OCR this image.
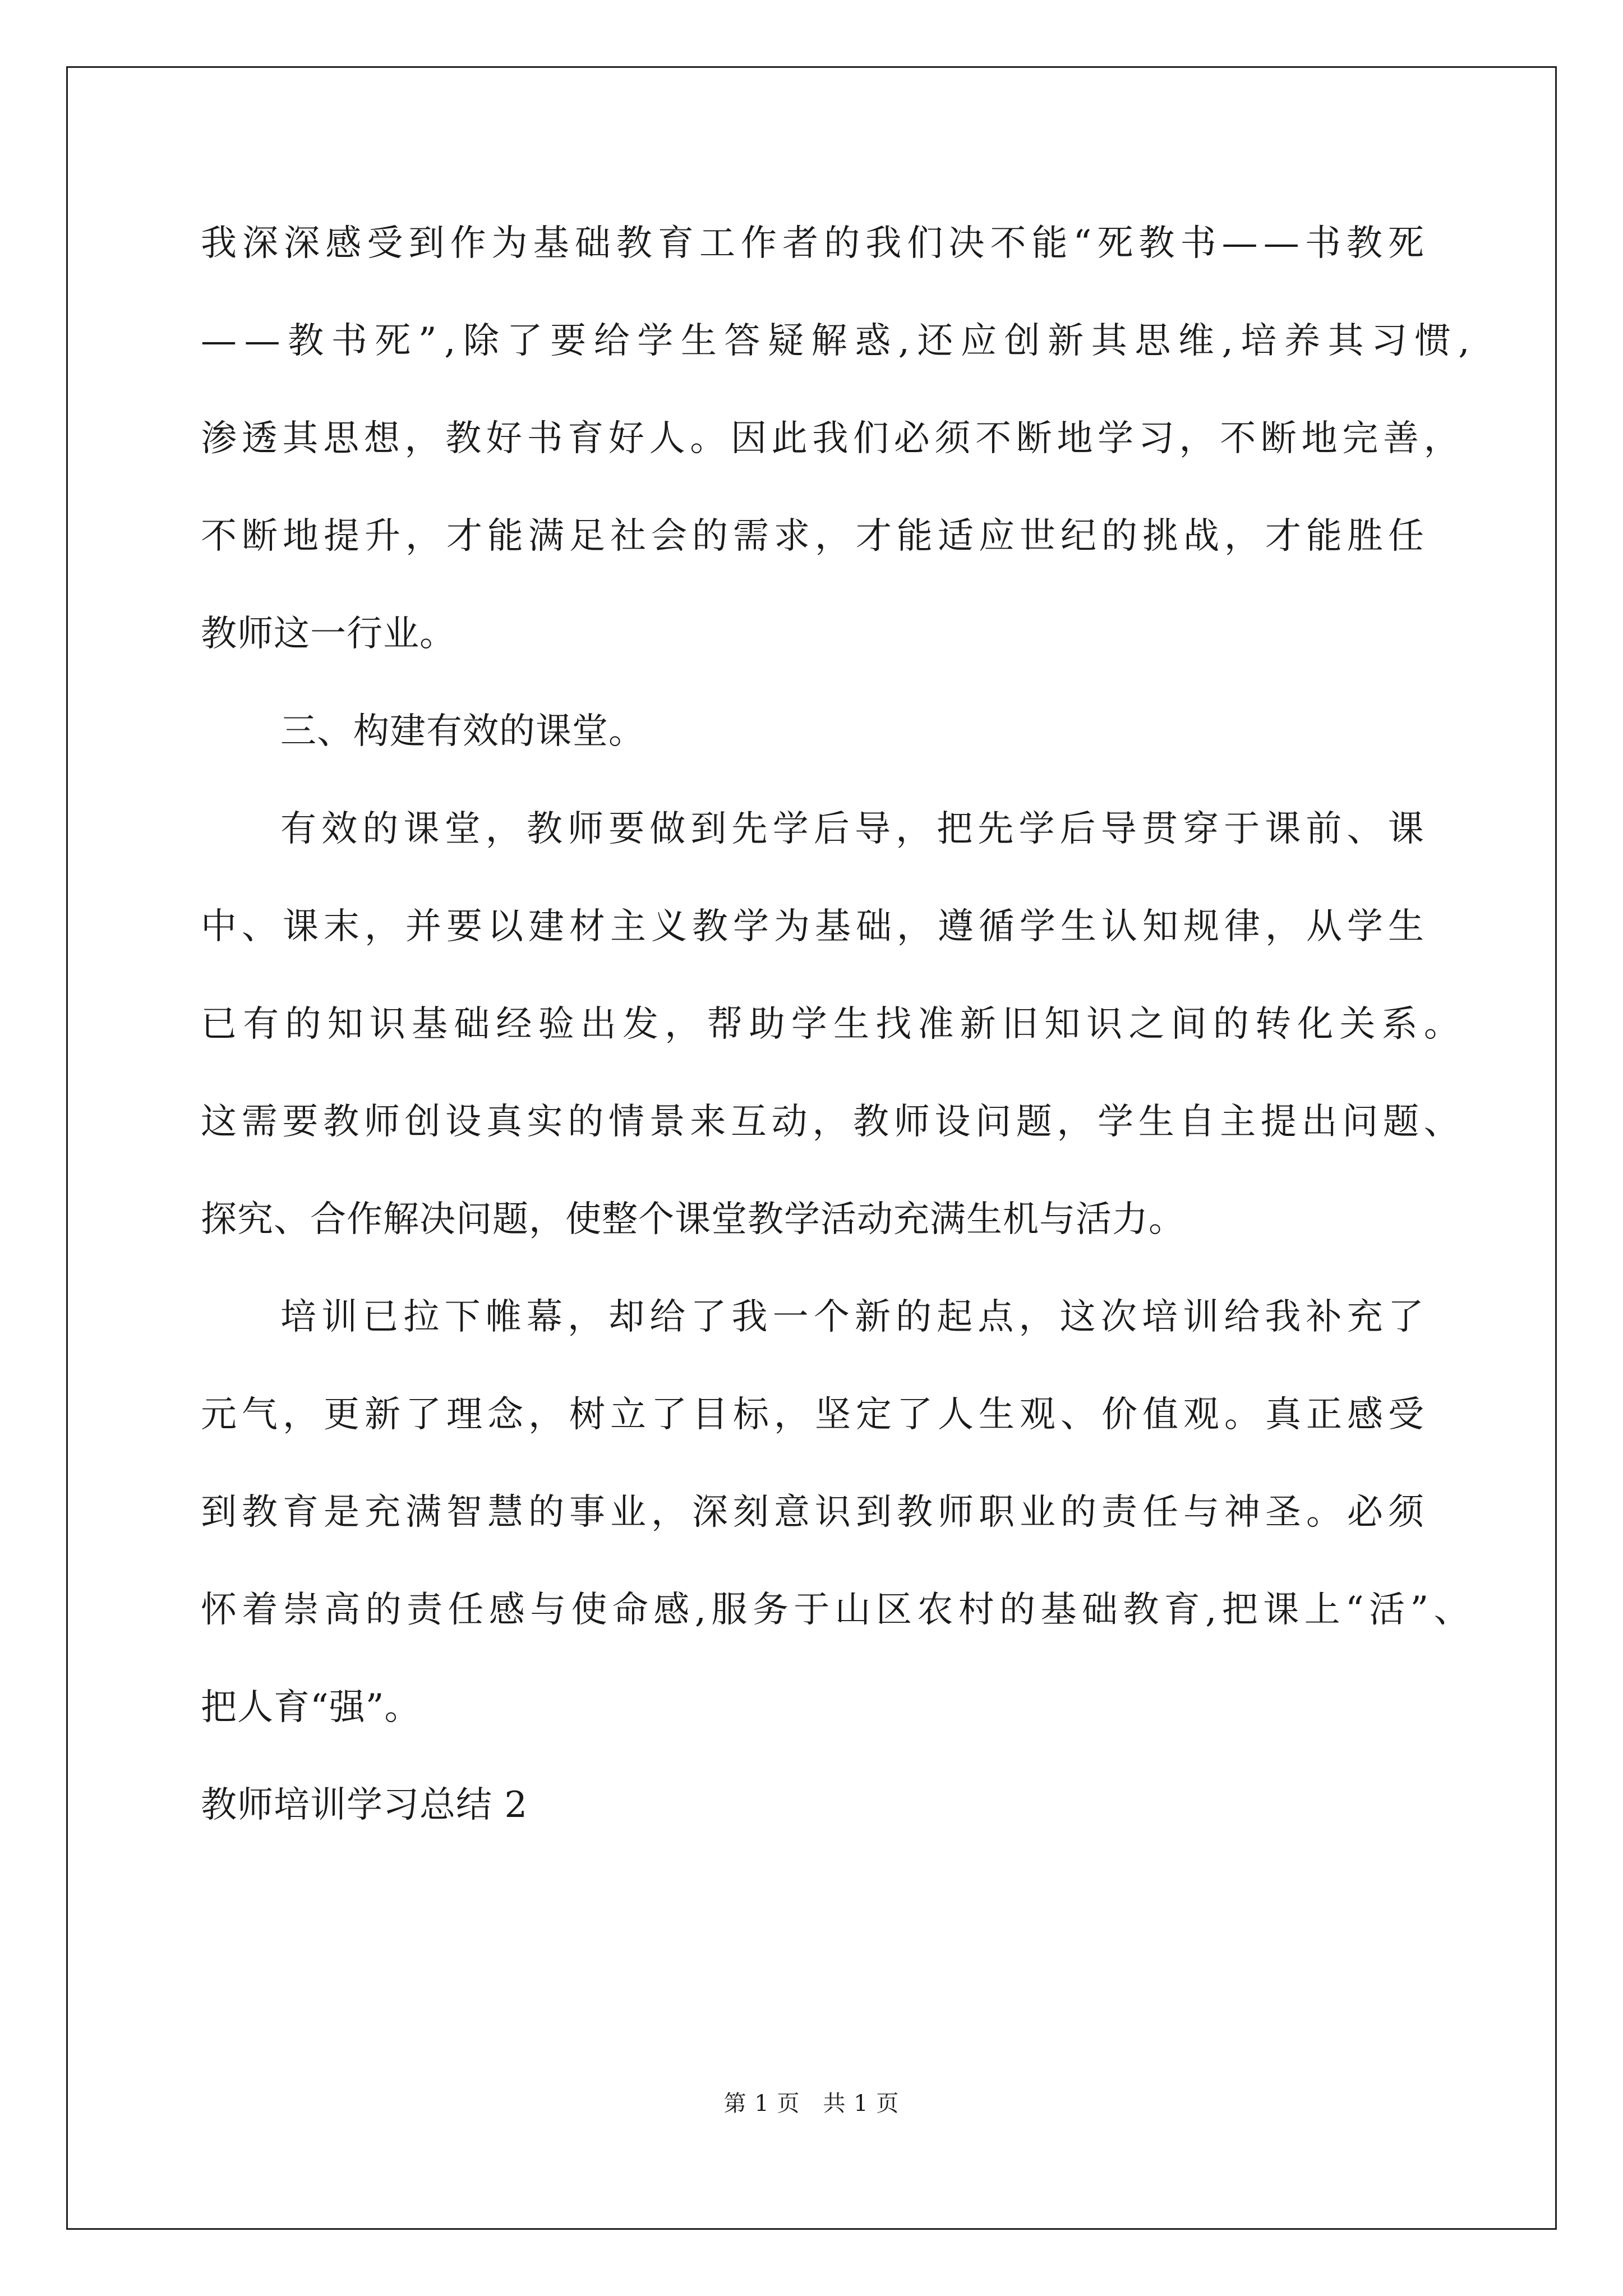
我 深 深 感 受 到 作 为 基 础 教 育 工 作 者 的 我 们 决 不 能 “ 死 教 书 — — 书 教 死
— — 教 书 死 ” , 除 了 要 给 学 生 答 疑 解 惑 , 还 应 创 新 其 思 维 , 培 养 其 习 惯 ,
渗 透 其 思 想 ， 教 好 书 育 好 人 。 因 此 我 们 必 须 不 断 地 学 习 ， 不 断 地 完 善 ，
不 断 地 提 升 ， 才 能 满 足 社 会 的 需 求 ， 才 能 适 应 世 纪 的 挑 战 ， 才 能 胜 任
教师这一行业。
三、构建有效的课堂。
有 效 的 课 堂 ， 教 师 要 做 到 先 学 后 导 ， 把 先 学 后 导 贯 穿 于 课 前 、 课
中 、 课 末 ， 并 要 以 建 材 主 义 教 学 为 基 础 ， 遵 循 学 生 认 知 规 律 ， 从 学 生
已 有 的 知 识 基 础 经 验 出 发 ， 帮 助 学 生 找 准 新 旧 知 识 之 间 的 转 化 关 系 。
这 需 要 教 师 创 设 真 实 的 情 景 来 互 动 ， 教 师 设 问 题 ， 学 生 自 主 提 出 问 题 、
探究、合作解决问题，使整个课堂教学活动充满生机与活力。
培 训 已 拉 下 帷 幕 ， 却 给 了 我 一 个 新 的 起 点 ， 这 次 培 训 给 我 补 充 了
元 气 ， 更 新 了 理 念 ， 树 立 了 目 标 ， 坚 定 了 人 生 观 、 价 值 观 。 真 正 感 受
到 教 育 是 充 满 智 慧 的 事 业 ， 深 刻 意 识 到 教 师 职 业 的 责 任 与 神 圣 。 必 须
怀 着 崇 高 的 责 任 感 与 使 命 感 , 服 务 于 山 区 农 村 的 基 础 教 育 , 把 课 上 “ 活 ” 、
把人育“强”。
教师培训学习总结 2
第 1 页　共 1 页
